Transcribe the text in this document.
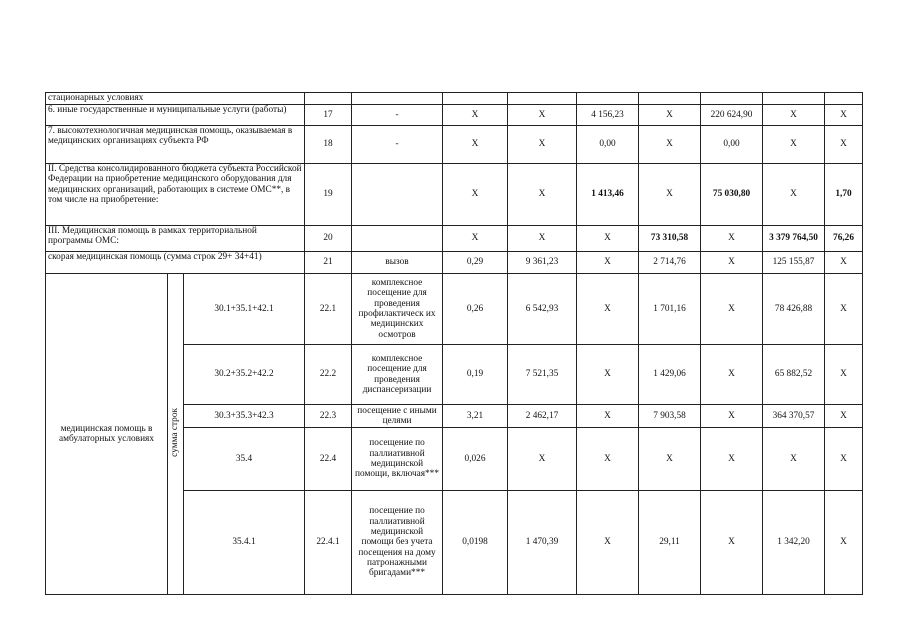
стационарных условиях											
6. иные государственные и муниципальные услуги (работы)			17	-	X	X	4 156,23	X	220 624,90	X	X
7. высокотехнологичная медицинская помощь, оказываемая в медицинских организациях субъекта РФ			18	-	X	X	0,00	X	0,00	X	X
II. Средства консолидированного бюджета субъекта Российской Федерации на приобретение медицинского оборудования для медицинских организаций, работающих в системе ОМС**, в том числе на приобретение:			19		X	X	1 413,46	X	75 030,80	X	1,70
III. Медицинская помощь в рамках территориальной программы ОМС:			20		X	X	X	73 310,58	X	3 379 764,50	76,26
скорая медицинская помощь (сумма строк 29+ 34+41)			21	вызов	0,29	9 361,23	X	2 714,76	X	125 155,87	X
медицинская помощь в амбулаторных условиях	сумма строк	30.1+35.1+42.1	22.1	комплексное посещение для проведения профилактическ их медицинских осмотров	0,26	6 542,93	X	1 701,16	X	78 426,88	X
		30.2+35.2+42.2	22.2	комплексное посещение для проведения диспансеризации	0,19	7 521,35	X	1 429,06	X	65 882,52	X
		30.3+35.3+42.3	22.3	посещение с иными целями	3,21	2 462,17	X	7 903,58	X	364 370,57	X
		35.4	22.4	посещение по паллиативной медицинской помощи, включая***	0,026	X	X	X	X	X	X
		35.4.1	22.4.1	посещение по паллиативной медицинской помощи без учета посещения на дому патронажными бригадами***	0,0198	1 470,39	X	29,11	X	1 342,20	X
